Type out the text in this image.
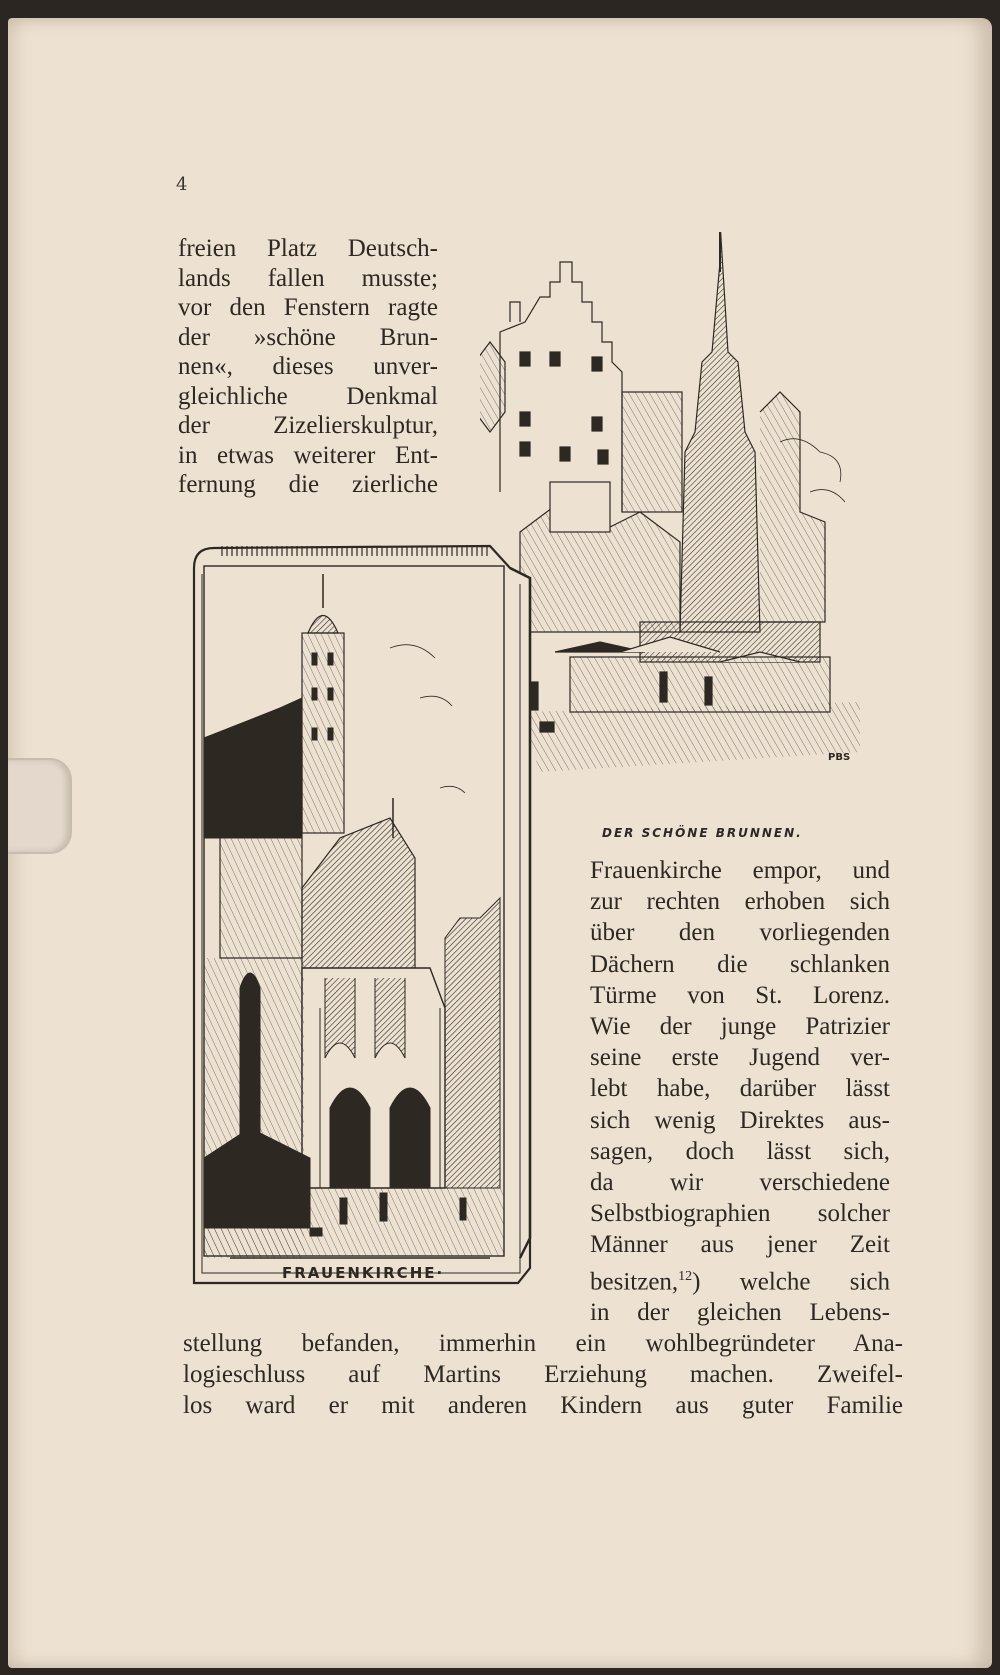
4
freien Platz Deutsch-
lands fallen musste;
vor den Fenstern ragte
der »schöne Brun-
nen«, dieses unver-
gleichliche Denkmal
der Zizelierskulptur,
in etwas weiterer Ent-
fernung die zierliche
PBS
DER SCHÖNE BRUNNEN.
FRAUENKIRCHE·
Frauenkirche empor, und
zur rechten erhoben sich
über den vorliegenden
Dächern die schlanken
Türme von St. Lorenz.
Wie der junge Patrizier
seine erste Jugend ver-
lebt habe, darüber lässt
sich wenig Direktes aus-
sagen, doch lässt sich,
da wir verschiedene
Selbstbiographien solcher
Männer aus jener Zeit
besitzen,$^{12}$) welche sich
in der gleichen Lebens-
stellung befanden, immerhin ein wohlbegründeter Ana-
logieschluss auf Martins Erziehung machen. Zweifel-
los ward er mit anderen Kindern aus guter Familie
